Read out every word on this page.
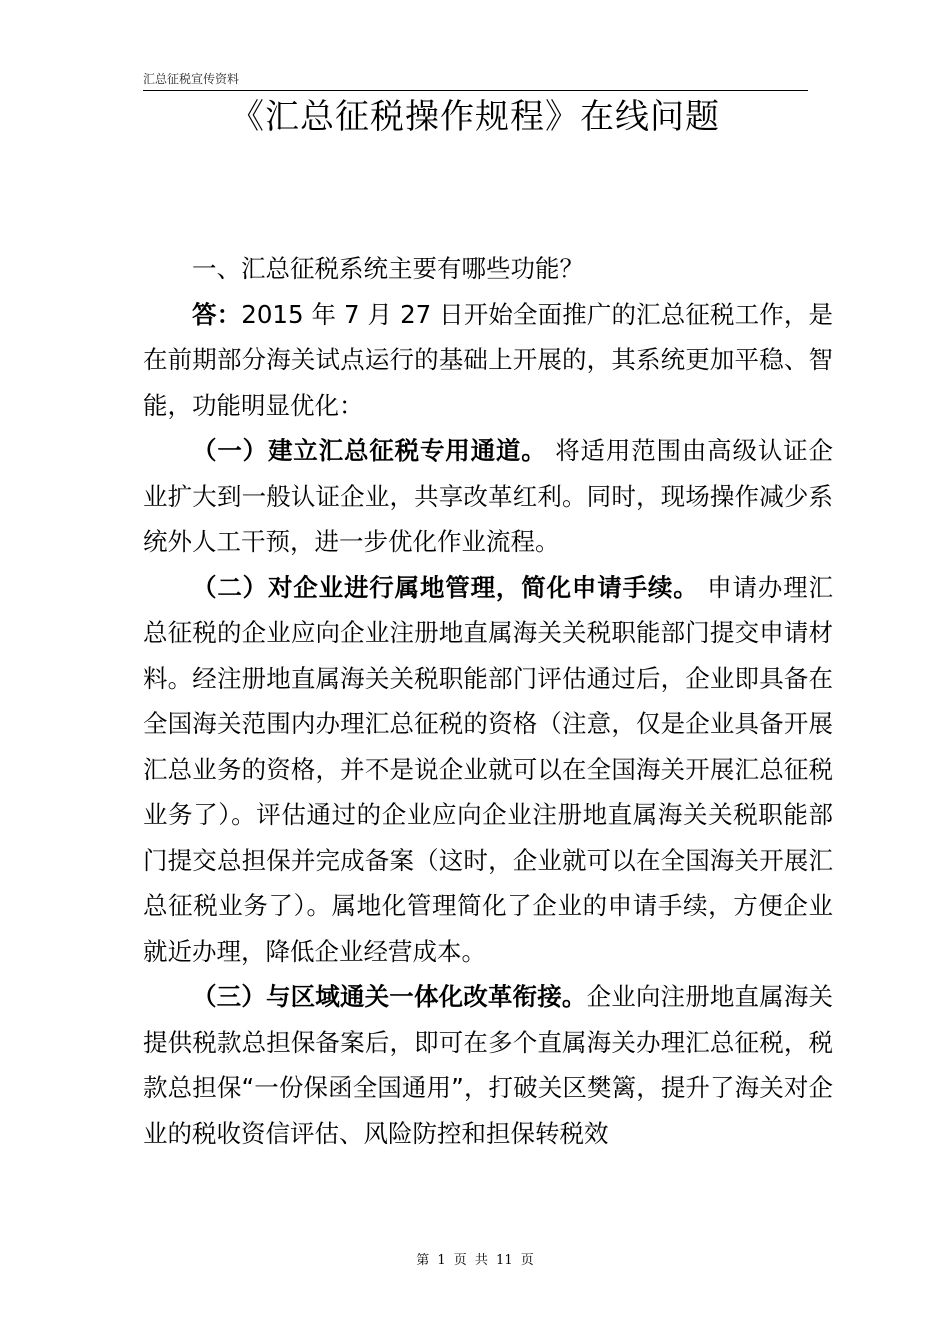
汇总征税宣传资料
《汇总征税操作规程》在线问题

一、汇总征税系统主要有哪些功能？

答：2015 年 7 月 27 日开始全面推广的汇总征税工作，是在前期部分海关试点运行的基础上开展的，其系统更加平稳、智能，功能明显优化：

（一）建立汇总征税专用通道。 将适用范围由高级认证企业扩大到一般认证企业，共享改革红利。同时，现场操作减少系统外人工干预，进一步优化作业流程。

（二）对企业进行属地管理，简化申请手续。 申请办理汇总征税的企业应向企业注册地直属海关关税职能部门提交申请材料。经注册地直属海关关税职能部门评估通过后，企业即具备在全国海关范围内办理汇总征税的资格（注意，仅是企业具备开展汇总业务的资格，并不是说企业就可以在全国海关开展汇总征税业务了）。评估通过的企业应向企业注册地直属海关关税职能部门提交总担保并完成备案（这时，企业就可以在全国海关开展汇总征税业务了）。属地化管理简化了企业的申请手续，方便企业就近办理，降低企业经营成本。

（三）与区域通关一体化改革衔接。企业向注册地直属海关提供税款总担保备案后，即可在多个直属海关办理汇总征税，税款总担保“一份保函全国通用”，打破关区樊篱，提升了海关对企业的税收资信评估、风险防控和担保转税效

第 1 页 共 11 页
